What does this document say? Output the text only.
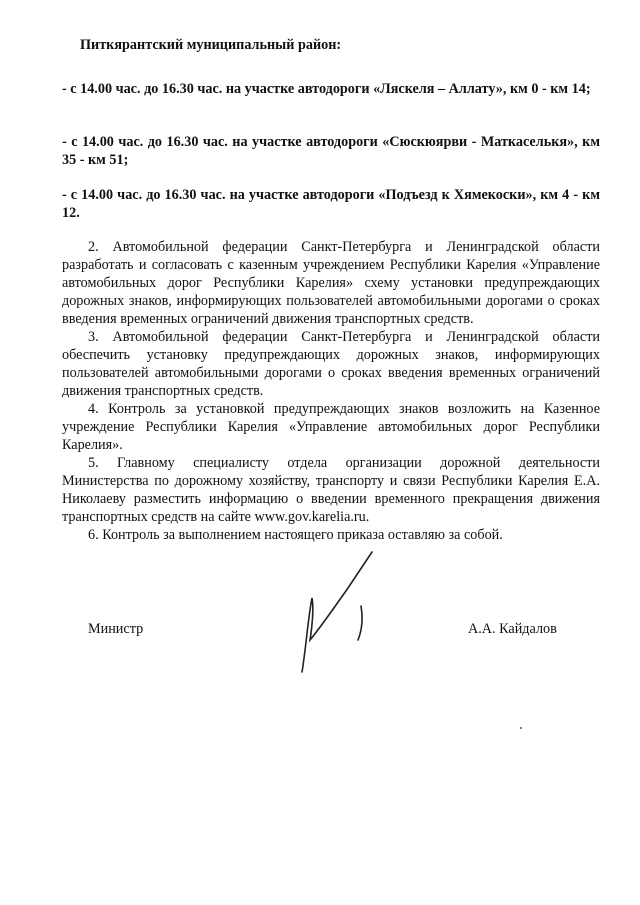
Питкярантский муниципальный район:
- с 14.00 час. до 16.30 час. на участке автодороги «Ляскеля – Аллату», км 0 - км 14;
- с 14.00 час. до 16.30 час. на участке автодороги «Сюскюярви - Маткаселькя», км 35 - км 51;
- с 14.00 час. до 16.30 час. на участке автодороги «Подъезд к Хямекоски», км 4 - км 12.

2. Автомобильной федерации Санкт-Петербурга и Ленинградской области разработать и согласовать с казенным учреждением Республики Карелия «Управление автомобильных дорог Республики Карелия» схему установки предупреждающих дорожных знаков, информирующих пользователей автомобильными дорогами о сроках введения временных ограничений движения транспортных средств.

3. Автомобильной федерации Санкт-Петербурга и Ленинградской области обеспечить установку предупреждающих дорожных знаков, информирующих пользователей автомобильными дорогами о сроках введения временных ограничений движения транспортных средств.

4. Контроль за установкой предупреждающих знаков возложить на Казенное учреждение Республики Карелия «Управление автомобильных дорог Республики Карелия».

5. Главному специалисту отдела организации дорожной деятельности Министерства по дорожному хозяйству, транспорту и связи Республики Карелия Е.А. Николаеву разместить информацию о введении временного прекращения движения транспортных средств на сайте www.gov.karelia.ru.

6. Контроль за выполнением настоящего приказа оставляю за собой.

Министр	А.А. Кайдалов
